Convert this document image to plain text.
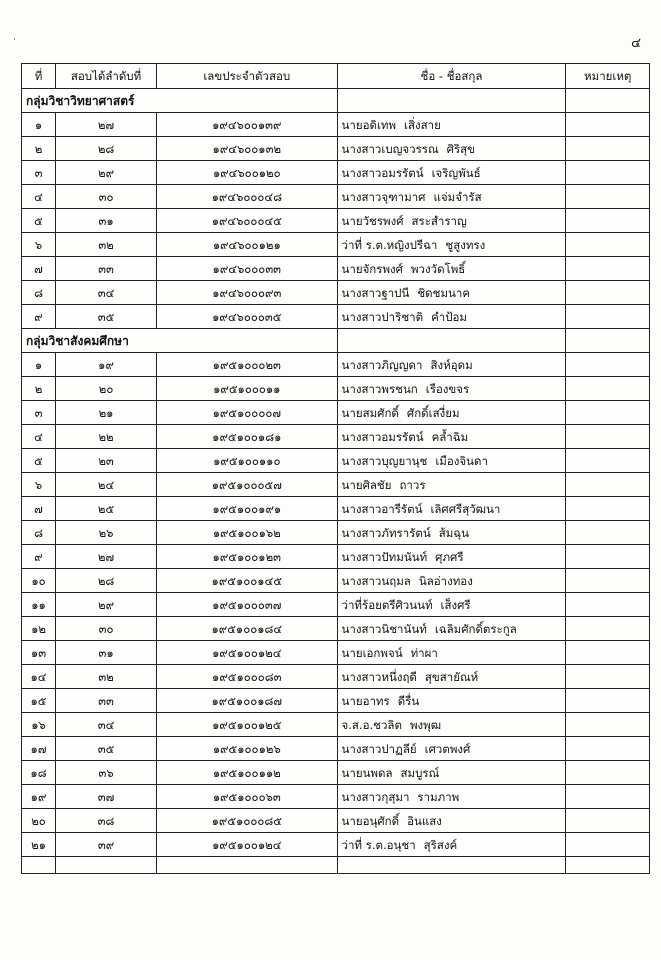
˙	๔
ที่	สอบได้ลำดับที่	เลขประจำตัวสอบ	ชื่อ - ชื่อสกุล	หมายเหตุ
กลุ่มวิชาวิทยาศาสตร์				
๑	๒๗	๑๙๔๖๐๐๑๓๙	นายอดิเทพ เสิ่งสาย	
๒	๒๘	๑๙๔๖๐๐๑๓๒	นางสาวเบญจวรรณ ศิริสุข	
๓	๒๙	๑๙๔๖๐๐๑๒๐	นางสาวอมรรัตน์ เจริญพันธ์	
๔	๓๐	๑๙๔๖๐๐๐๔๘	นางสาวจุฑามาศ แจ่มจำรัส	
๕	๓๑	๑๙๔๖๐๐๐๔๕	นายวัชรพงศ์ สระสำราญ	
๖	๓๒	๑๙๔๖๐๐๑๒๑	ว่าที่ ร.ต.หญิงปรีฉา ชูสูงทรง	
๗	๓๓	๑๙๔๖๐๐๐๓๓	นายจักรพงศ์ พวงวัดโพธิ์	
๘	๓๔	๑๙๔๖๐๐๐๙๓	นางสาวฐาปนี ชิดชมนาค	
๙	๓๕	๑๙๔๖๐๐๐๓๕	นางสาวปาริชาติ คำป้อม	
กลุ่มวิชาสังคมศึกษา				
๑	๑๙	๑๙๕๑๐๐๐๒๓	นางสาวภิญญดา สิงห์อุดม	
๒	๒๐	๑๙๕๑๐๐๐๑๑	นางสาวพรชนก เรืองขจร	
๓	๒๑	๑๙๕๑๐๐๐๐๗	นายสมศักดิ์ ศักดิ์เสงี่ยม	
๔	๒๒	๑๙๕๑๐๐๑๘๑	นางสาวอมรรัตน์ คล้ำฉิม	
๕	๒๓	๑๙๕๑๐๐๑๑๐	นางสาวบุญยานุช เมืองจินดา	
๖	๒๔	๑๙๕๑๐๐๐๕๗	นายศิลชัย ถาวร	
๗	๒๕	๑๙๕๑๐๐๑๙๑	นางสาวอารีรัตน์ เลิศศรีสุวัฒนา	
๘	๒๖	๑๙๕๑๐๐๑๖๒	นางสาวภัทรารัตน์ ส้มฉุน	
๙	๒๗	๑๙๕๑๐๐๑๒๓	นางสาวปัทมนันท์ ศุภศรี	
๑๐	๒๘	๑๙๕๑๐๐๑๔๕	นางสาวนฤมล นิลอ่างทอง	
๑๑	๒๙	๑๙๕๑๐๐๐๓๗	ว่าที่ร้อยตรีศิวนนท์ เส็งศรี	
๑๒	๓๐	๑๙๕๑๐๐๑๘๔	นางสาวนิชานันท์ เฉลิมศักดิ์ตระกูล	
๑๓	๓๑	๑๙๕๑๐๐๑๒๔	นายเอกพจน์ ท่าผา	
๑๔	๓๒	๑๙๕๑๐๐๐๘๓	นางสาวหนึ่งฤดี สุขสายัณห์	
๑๕	๓๓	๑๙๕๑๐๐๑๘๗	นายอาทร ดีรื่น	
๑๖	๓๔	๑๙๕๑๐๐๑๒๕	จ.ส.อ.ชวลิต พงพุฒ	
๑๗	๓๕	๑๙๕๑๐๐๑๒๖	นางสาวปาฏลีย์ เศวตพงศ์	
๑๘	๓๖	๑๙๕๑๐๐๑๑๒	นายนพดล สมบูรณ์	
๑๙	๓๗	๑๙๕๑๐๐๐๖๓	นางสาวกุสุมา รามภาพ	
๒๐	๓๘	๑๙๕๑๐๐๐๘๕	นายอนุศักดิ์ อินแสง	
๒๑	๓๙	๑๙๕๑๐๐๑๒๔	ว่าที่ ร.ต.อนุชา สุริสงค์	
